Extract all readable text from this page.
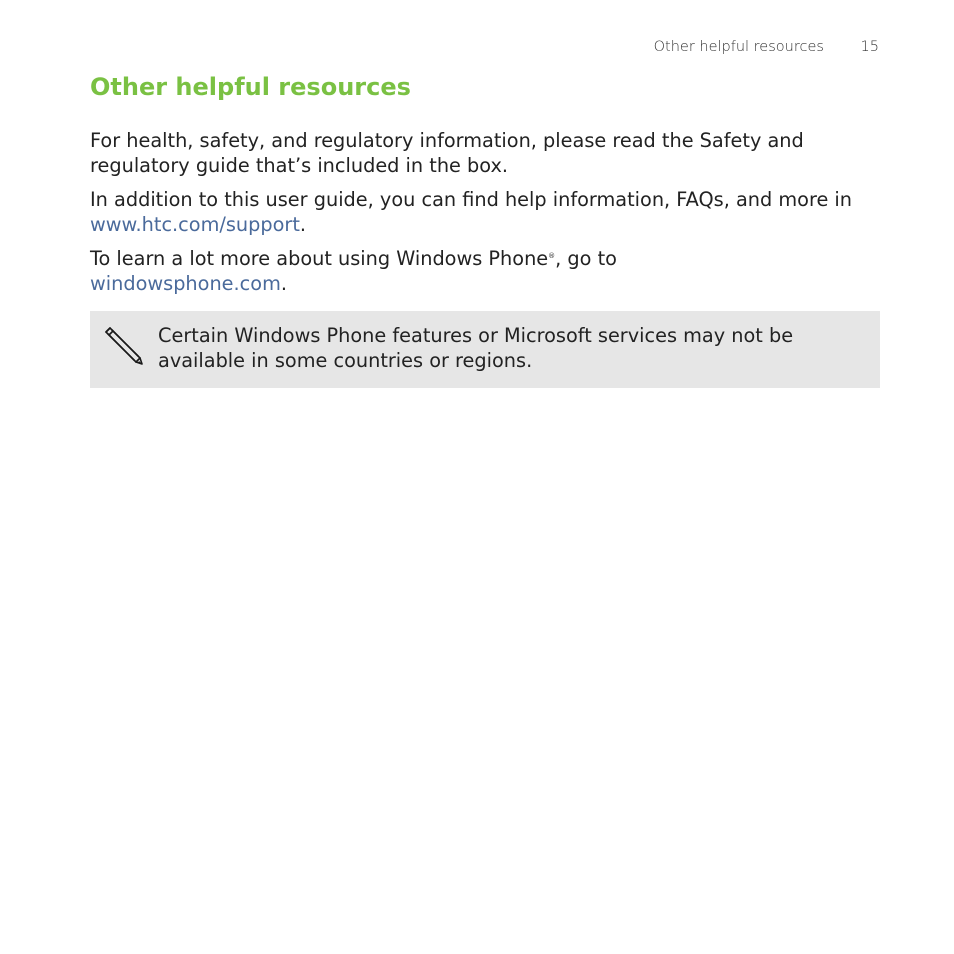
Other helpful resources	15
Other helpful resources

For health, safety, and regulatory information, please read the Safety and regulatory guide that’s included in the box.

In addition to this user guide, you can find help information, FAQs, and more in www.htc.com/support.

To learn a lot more about using Windows Phone®, go to
windowsphone.com.

Certain Windows Phone features or Microsoft services may not be available in some countries or regions.
